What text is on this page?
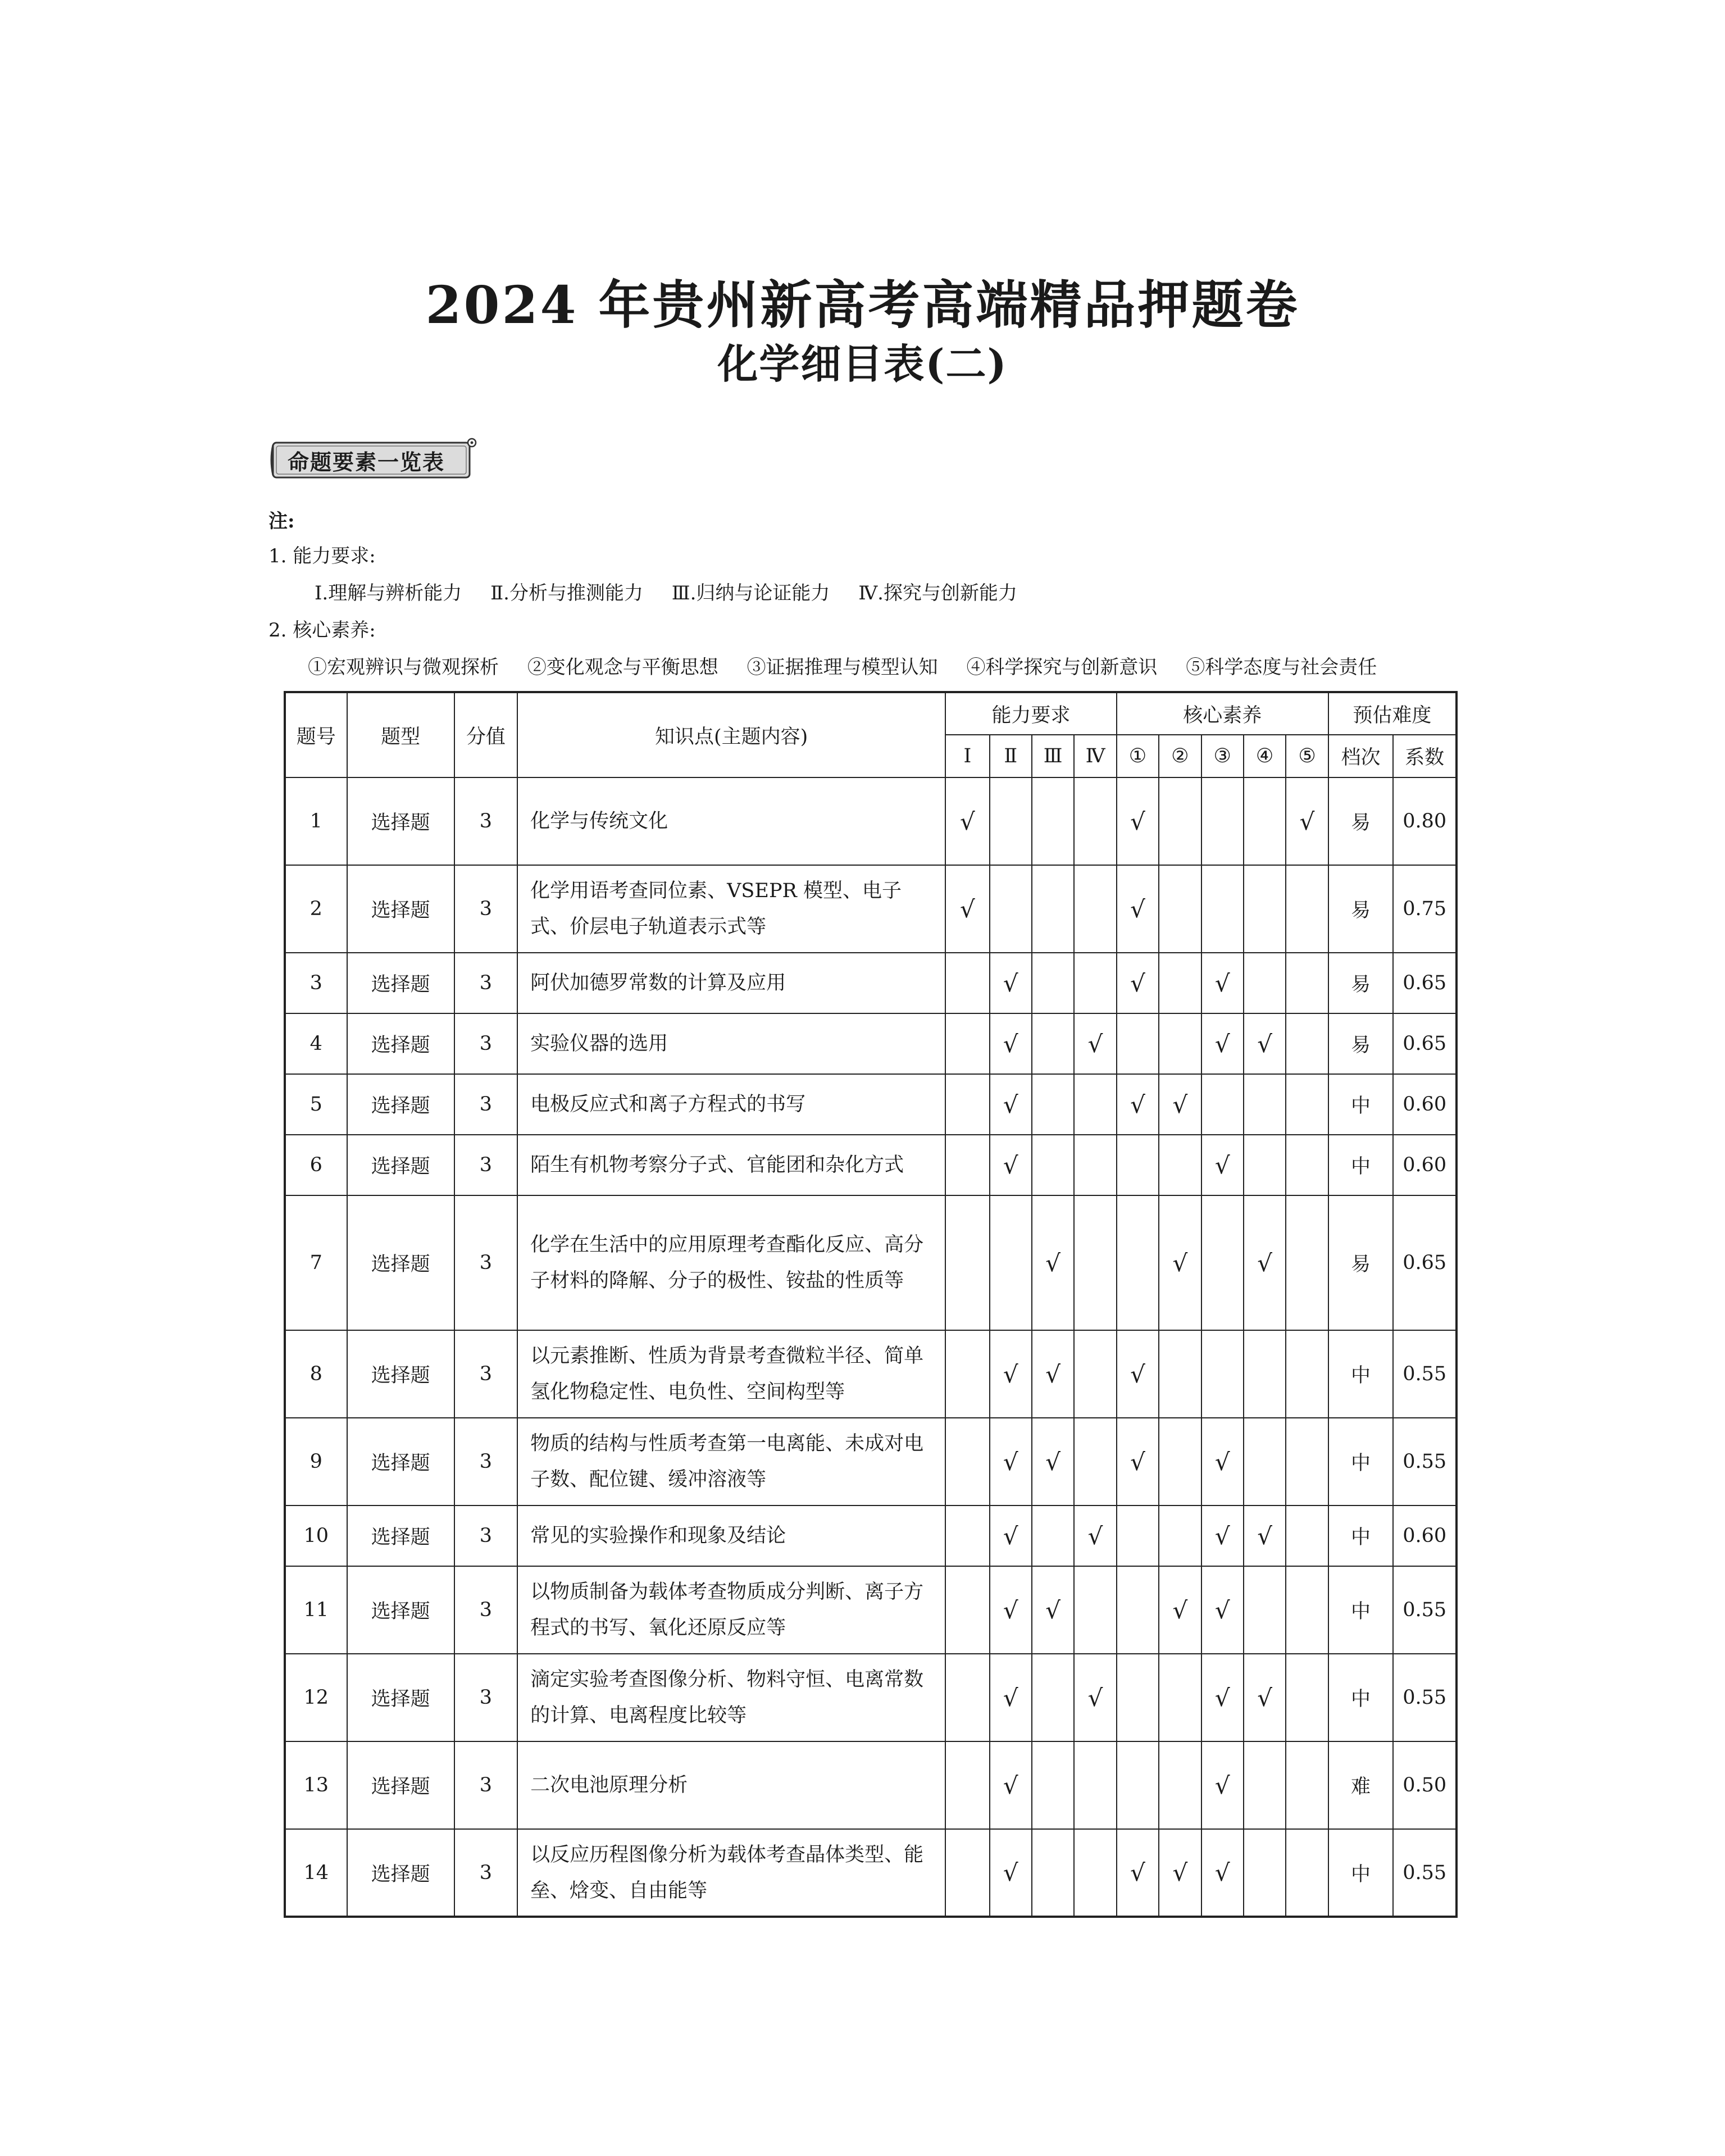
2024 年贵州新高考高端精品押题卷
化学细目表(二)
命题要素一览表
注:
1. 能力要求:
Ⅰ.理解与辨析能力 Ⅱ.分析与推测能力 Ⅲ.归纳与论证能力 Ⅳ.探究与创新能力
2. 核心素养:
①宏观辨识与微观探析 ②变化观念与平衡思想 ③证据推理与模型认知 ④科学探究与创新意识 ⑤科学态度与社会责任
题号	题型	分值	知识点(主题内容)	能力要求				核心素养					预估难度	
				Ⅰ	Ⅱ	Ⅲ	Ⅳ	①	②	③	④	⑤	档次	系数
1	选择题	3	化学与传统文化	√				√				√	易	0.80
2	选择题	3	化学用语考查同位素、VSEPR 模型、电子式、价层电子轨道表示式等	√				√					易	0.75
3	选择题	3	阿伏加德罗常数的计算及应用		√			√		√			易	0.65
4	选择题	3	实验仪器的选用		√		√			√	√		易	0.65
5	选择题	3	电极反应式和离子方程式的书写		√			√	√				中	0.60
6	选择题	3	陌生有机物考察分子式、官能团和杂化方式		√					√			中	0.60
7	选择题	3	化学在生活中的应用原理考查酯化反应、高分子材料的降解、分子的极性、铵盐的性质等			√			√		√		易	0.65
8	选择题	3	以元素推断、性质为背景考查微粒半径、简单氢化物稳定性、电负性、空间构型等		√	√		√					中	0.55
9	选择题	3	物质的结构与性质考查第一电离能、未成对电子数、配位键、缓冲溶液等		√	√		√		√			中	0.55
10	选择题	3	常见的实验操作和现象及结论		√		√			√	√		中	0.60
11	选择题	3	以物质制备为载体考查物质成分判断、离子方程式的书写、氧化还原反应等		√	√			√	√			中	0.55
12	选择题	3	滴定实验考查图像分析、物料守恒、电离常数的计算、电离程度比较等		√		√			√	√		中	0.55
13	选择题	3	二次电池原理分析		√					√			难	0.50
14	选择题	3	以反应历程图像分析为载体考查晶体类型、能垒、焓变、自由能等		√			√	√	√			中	0.55
